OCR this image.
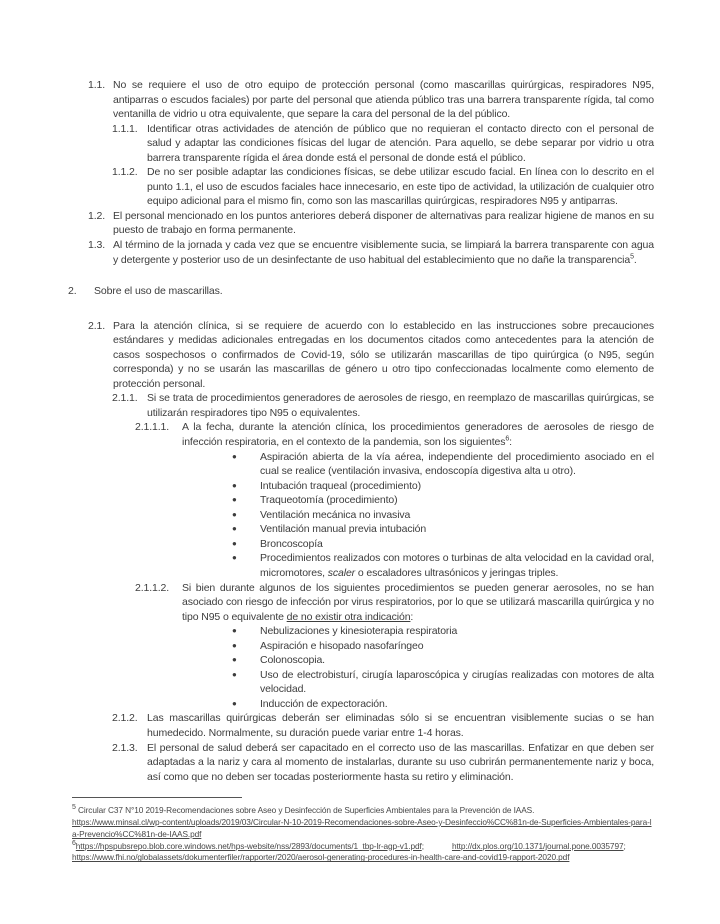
1.1. No se requiere el uso de otro equipo de protección personal (como mascarillas quirúrgicas, respiradores N95, antiparras o escudos faciales) por parte del personal que atienda público tras una barrera transparente rígida, tal como ventanilla de vidrio u otra equivalente, que separe la cara del personal de la del público.

1.1.1. Identificar otras actividades de atención de público que no requieran el contacto directo con el personal de salud y adaptar las condiciones físicas del lugar de atención. Para aquello, se debe separar por vidrio u otra barrera transparente rígida el área donde está el personal de donde está el público.

1.1.2. De no ser posible adaptar las condiciones físicas, se debe utilizar escudo facial. En línea con lo descrito en el punto 1.1, el uso de escudos faciales hace innecesario, en este tipo de actividad, la utilización de cualquier otro equipo adicional para el mismo fin, como son las mascarillas quirúrgicas, respiradores N95 y antiparras.

1.2. El personal mencionado en los puntos anteriores deberá disponer de alternativas para realizar higiene de manos en su puesto de trabajo en forma permanente.

1.3. Al término de la jornada y cada vez que se encuentre visiblemente sucia, se limpiará la barrera transparente con agua y detergente y posterior uso de un desinfectante de uso habitual del establecimiento que no dañe la transparencia$^5$.

2.	Sobre el uso de mascarillas.

2.1. Para la atención clínica, si se requiere de acuerdo con lo establecido en las instrucciones sobre precauciones estándares y medidas adicionales entregadas en los documentos citados como antecedentes para la atención de casos sospechosos o confirmados de Covid-19, sólo se utilizarán mascarillas de tipo quirúrgica (o N95, según corresponda) y no se usarán las mascarillas de género u otro tipo confeccionadas localmente como elemento de protección personal.

2.1.1. Si se trata de procedimientos generadores de aerosoles de riesgo, en reemplazo de mascarillas quirúrgicas, se utilizarán respiradores tipo N95 o equivalentes.

2.1.1.1.	A la fecha, durante la atención clínica, los procedimientos generadores de aerosoles de riesgo de infección respiratoria, en el contexto de la pandemia, son los siguientes$^6$:

●	Aspiración abierta de la vía aérea, independiente del procedimiento asociado en el cual se realice (ventilación invasiva, endoscopía digestiva alta u otro).

●	Intubación traqueal (procedimiento)

●	Traqueotomía (procedimiento)

●	Ventilación mecánica no invasiva

●	Ventilación manual previa intubación

●	Broncoscopía

●	Procedimientos realizados con motores o turbinas de alta velocidad en la cavidad oral, micromotores, scaler o escaladores ultrasónicos y jeringas triples.

2.1.1.2.	Si bien durante algunos de los siguientes procedimientos se pueden generar aerosoles, no se han asociado con riesgo de infección por virus respiratorios, por lo que se utilizará mascarilla quirúrgica y no tipo N95 o equivalente de no existir otra indicación:

●	Nebulizaciones y kinesioterapia respiratoria

●	Aspiración e hisopado nasofaríngeo

●	Colonoscopia.

●	Uso de electrobisturí, cirugía laparoscópica y cirugías realizadas con motores de alta velocidad.

●	Inducción de expectoración.

2.1.2. Las mascarillas quirúrgicas deberán ser eliminadas sólo si se encuentran visiblemente sucias o se han humedecido. Normalmente, su duración puede variar entre 1-4 horas.

2.1.3. El personal de salud deberá ser capacitado en el correcto uso de las mascarillas. Enfatizar en que deben ser adaptadas a la nariz y cara al momento de instalarlas, durante su uso cubrirán permanentemente nariz y boca, así como que no deben ser tocadas posteriormente hasta su retiro y eliminación.

$^5$ Circular C37 N°10 2019-Recomendaciones sobre Aseo y Desinfección de Superficies Ambientales para la Prevención de IAAS.

https://www.minsal.cl/wp-content/uploads/2019/03/Circular-N-10-2019-Recomendaciones-sobre-Aseo-y-Desinfeccio%CC%81n-de-Superficies-Ambientales-para-la-Prevencio%CC%81n-de-IAAS.pdf

$^6$https://hpspubsrepo.blob.core.windows.net/hps-website/nss/2893/documents/1_tbp-lr-agp-v1.pdf;	http://dx.plos.org/10.1371/journal.pone.0035797;

https://www.fhi.no/globalassets/dokumenterfiler/rapporter/2020/aerosol-generating-procedures-in-health-care-and-covid19-rapport-2020.pdf
